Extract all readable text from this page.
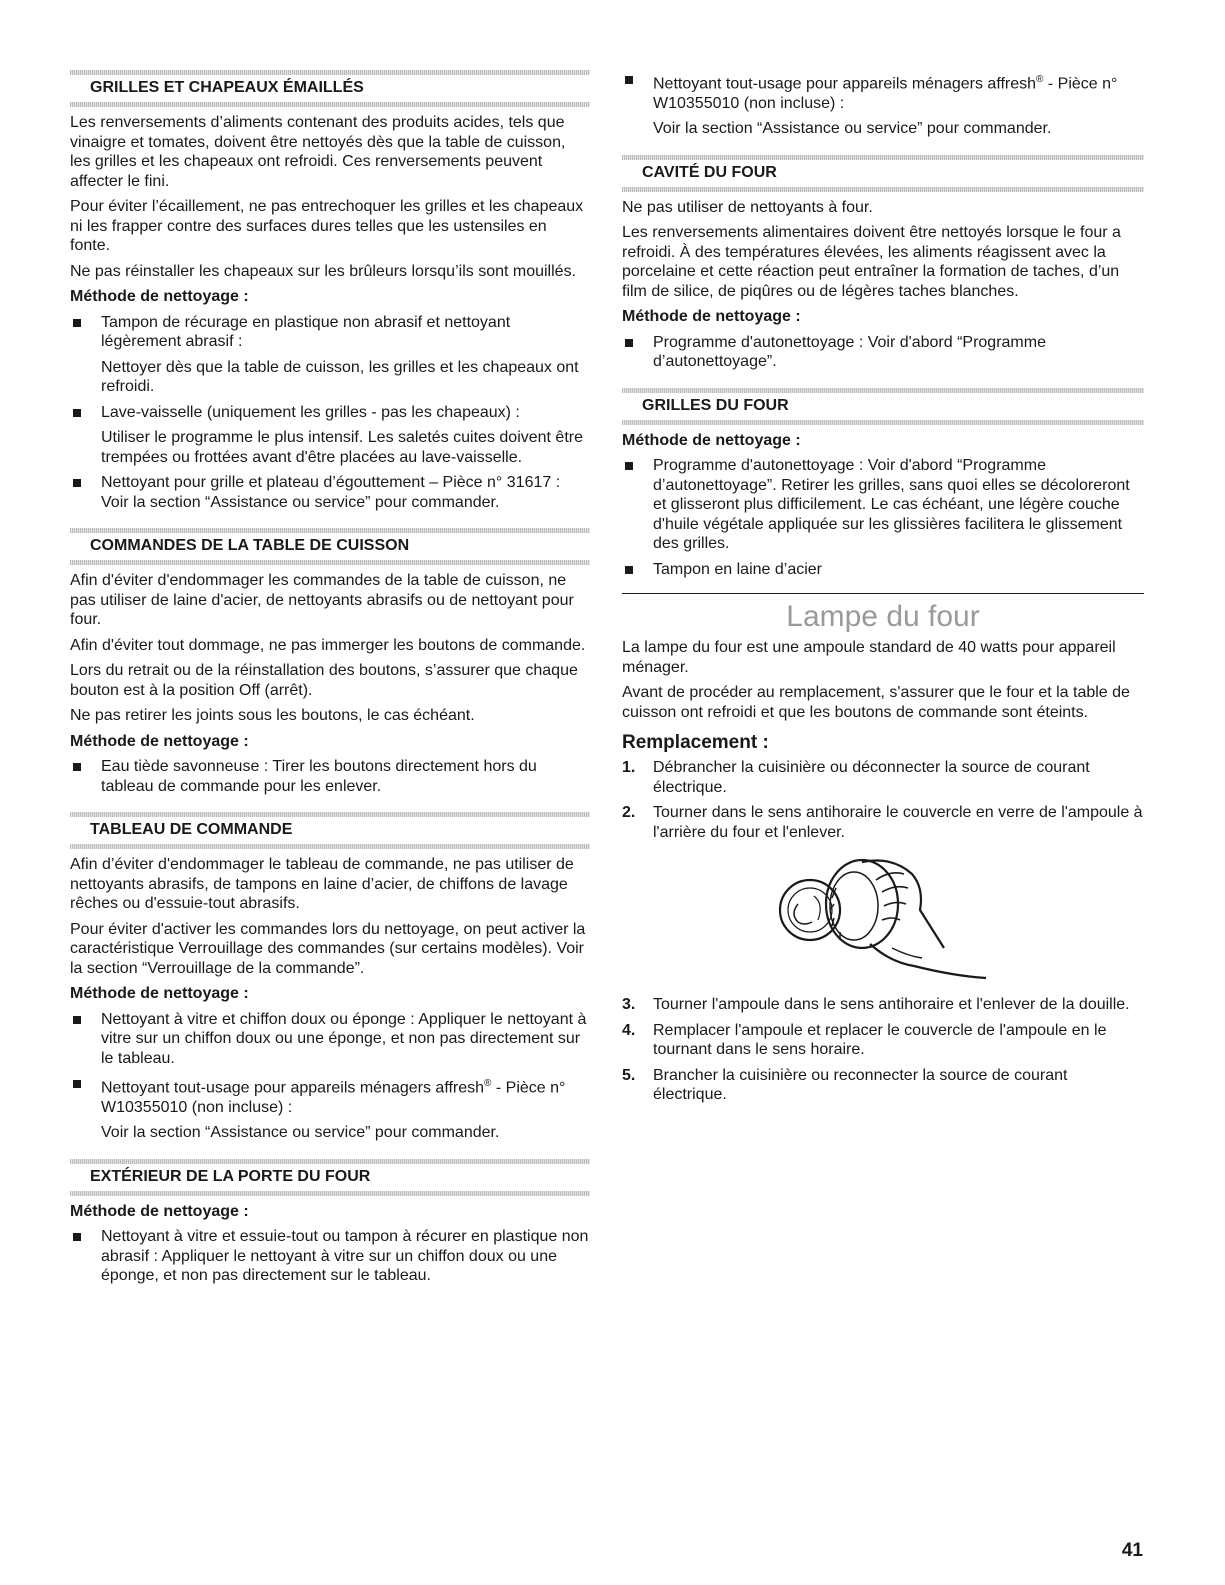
GRILLES ET CHAPEAUX ÉMAILLÉS

Les renversements d’aliments contenant des produits acides, tels que vinaigre et tomates, doivent être nettoyés dès que la table de cuisson, les grilles et les chapeaux ont refroidi. Ces renversements peuvent affecter le fini.

Pour éviter l’écaillement, ne pas entrechoquer les grilles et les chapeaux ni les frapper contre des surfaces dures telles que les ustensiles en fonte.

Ne pas réinstaller les chapeaux sur les brûleurs lorsqu’ils sont mouillés.

Méthode de nettoyage :
Tampon de récurage en plastique non abrasif et nettoyant légèrement abrasif :

Nettoyer dès que la table de cuisson, les grilles et les chapeaux ont refroidi.

Lave-vaisselle (uniquement les grilles - pas les chapeaux) :

Utiliser le programme le plus intensif. Les saletés cuites doivent être trempées ou frottées avant d'être placées au lave-vaisselle.

Nettoyant pour grille et plateau d’égouttement – Pièce n° 31617 :

Voir la section “Assistance ou service” pour commander.

COMMANDES DE LA TABLE DE CUISSON

Afin d'éviter d'endommager les commandes de la table de cuisson, ne pas utiliser de laine d'acier, de nettoyants abrasifs ou de nettoyant pour four.

Afin d'éviter tout dommage, ne pas immerger les boutons de commande.

Lors du retrait ou de la réinstallation des boutons, s’assurer que chaque bouton est à la position Off (arrêt).

Ne pas retirer les joints sous les boutons, le cas échéant.

Méthode de nettoyage :
Eau tiède savonneuse : Tirer les boutons directement hors du tableau de commande pour les enlever.
TABLEAU DE COMMANDE

Afin d’éviter d'endommager le tableau de commande, ne pas utiliser de nettoyants abrasifs, de tampons en laine d’acier, de chiffons de lavage rêches ou d'essuie-tout abrasifs.

Pour éviter d'activer les commandes lors du nettoyage, on peut activer la caractéristique Verrouillage des commandes (sur certains modèles). Voir la section “Verrouillage de la commande”.

Méthode de nettoyage :
Nettoyant à vitre et chiffon doux ou éponge : Appliquer le nettoyant à vitre sur un chiffon doux ou une éponge, et non pas directement sur le tableau.
Nettoyant tout-usage pour appareils ménagers affresh® - Pièce n° W10355010 (non incluse) :

Voir la section “Assistance ou service” pour commander.

EXTÉRIEUR DE LA PORTE DU FOUR
Méthode de nettoyage :
Nettoyant à vitre et essuie-tout ou tampon à récurer en plastique non abrasif : Appliquer le nettoyant à vitre sur un chiffon doux ou une éponge, et non pas directement sur le tableau.
Nettoyant tout-usage pour appareils ménagers affresh® - Pièce n° W10355010 (non incluse) :

Voir la section “Assistance ou service” pour commander.

CAVITÉ DU FOUR

Ne pas utiliser de nettoyants à four.

Les renversements alimentaires doivent être nettoyés lorsque le four a refroidi. À des températures élevées, les aliments réagissent avec la porcelaine et cette réaction peut entraîner la formation de taches, d’un film de silice, de piqûres ou de légères taches blanches.

Méthode de nettoyage :
Programme d'autonettoyage : Voir d'abord “Programme d’autonettoyage”.
GRILLES DU FOUR
Méthode de nettoyage :
Programme d'autonettoyage : Voir d'abord “Programme d’autonettoyage”. Retirer les grilles, sans quoi elles se décoloreront et glisseront plus difficilement. Le cas échéant, une légère couche d'huile végétale appliquée sur les glissières facilitera le glissement des grilles.
Tampon en laine d’acier
Lampe du four

La lampe du four est une ampoule standard de 40 watts pour appareil ménager.

Avant de procéder au remplacement, s'assurer que le four et la table de cuisson ont refroidi et que les boutons de commande sont éteints.

Remplacement :
1. Débrancher la cuisinière ou déconnecter la source de courant électrique.
2. Tourner dans le sens antihoraire le couvercle en verre de l'ampoule à l'arrière du four et l'enlever.
3. Tourner l'ampoule dans le sens antihoraire et l'enlever de la douille.
4. Remplacer l'ampoule et replacer le couvercle de l'ampoule en le tournant dans le sens horaire.
5. Brancher la cuisinière ou reconnecter la source de courant électrique.
41
